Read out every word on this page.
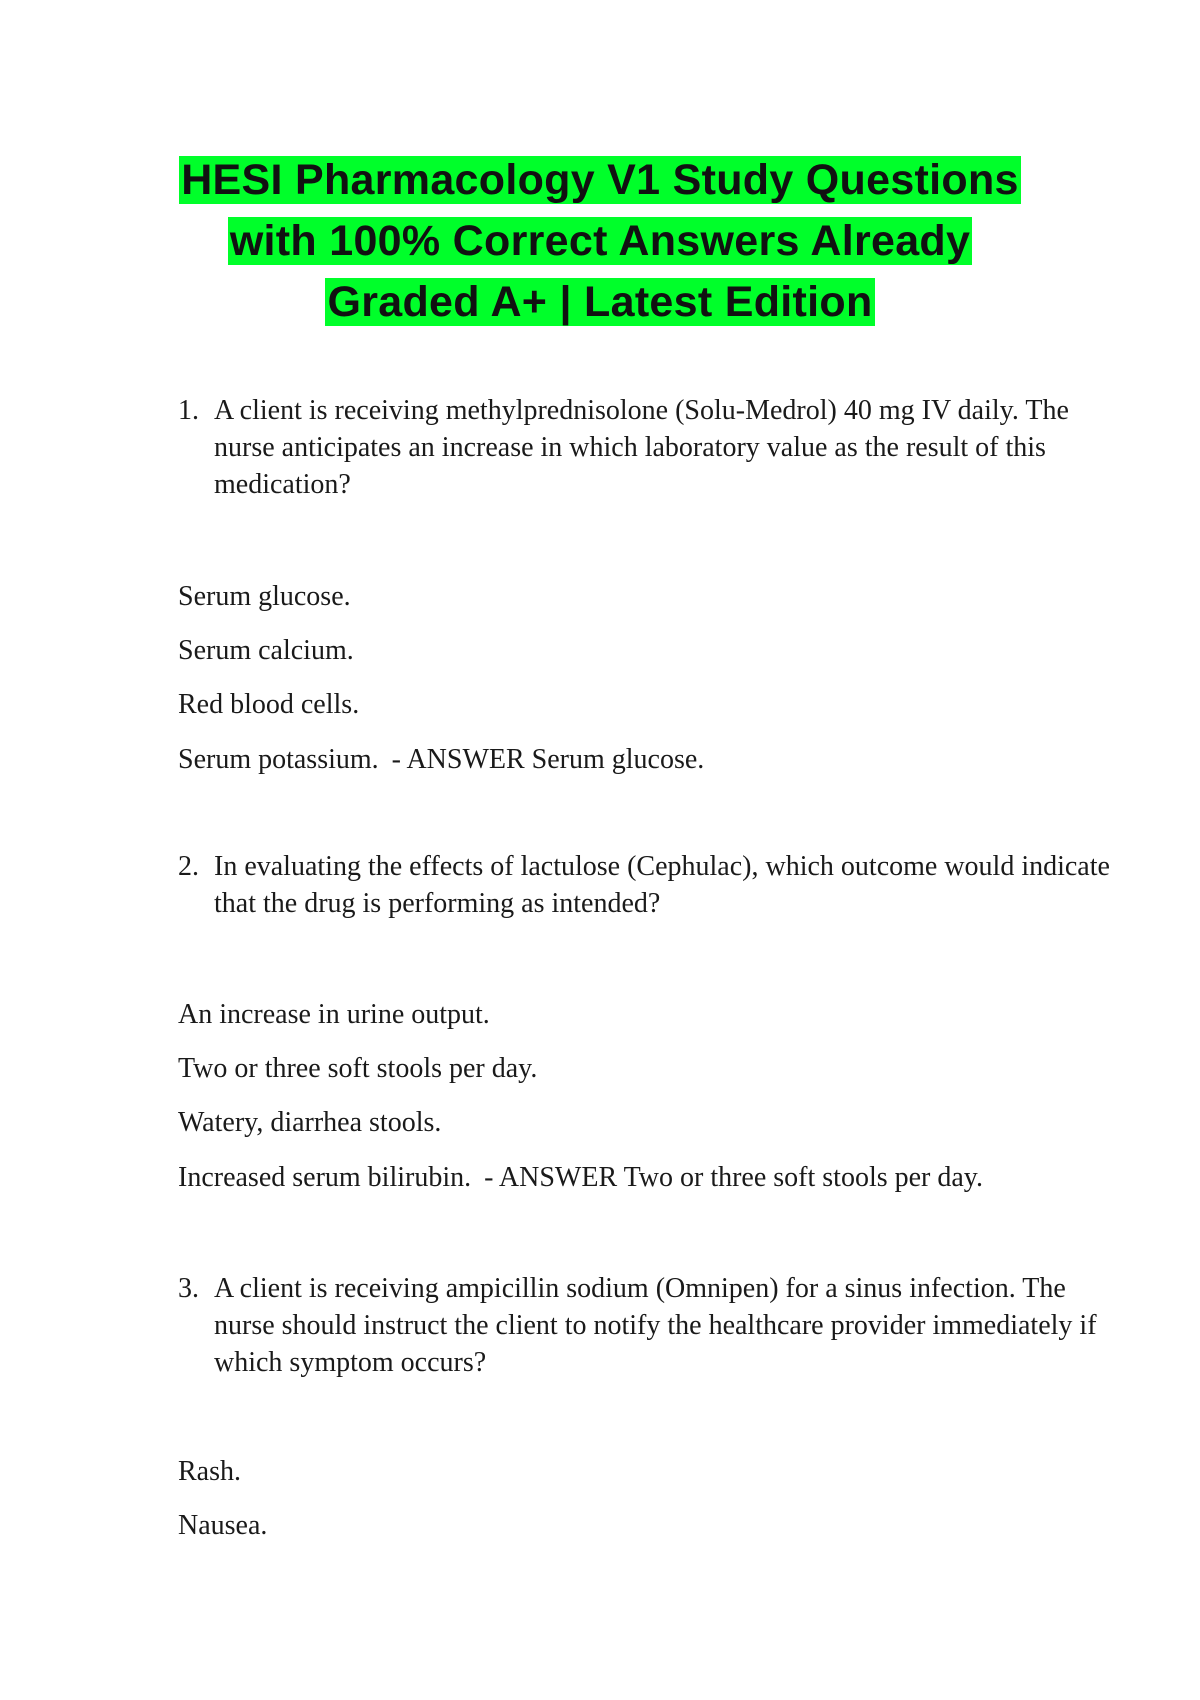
HESI Pharmacology V1 Study Questions
with 100% Correct Answers Already
Graded A+ | Latest Edition
1. A client is receiving methylprednisolone (Solu-Medrol) 40 mg IV daily. The nurse anticipates an increase in which laboratory value as the result of this medication?
Serum glucose.
Serum calcium.
Red blood cells.
Serum potassium. - ANSWER Serum glucose.
2. In evaluating the effects of lactulose (Cephulac), which outcome would indicate that the drug is performing as intended?
An increase in urine output.
Two or three soft stools per day.
Watery, diarrhea stools.
Increased serum bilirubin. - ANSWER Two or three soft stools per day.
3. A client is receiving ampicillin sodium (Omnipen) for a sinus infection. The nurse should instruct the client to notify the healthcare provider immediately if which symptom occurs?
Rash.
Nausea.
